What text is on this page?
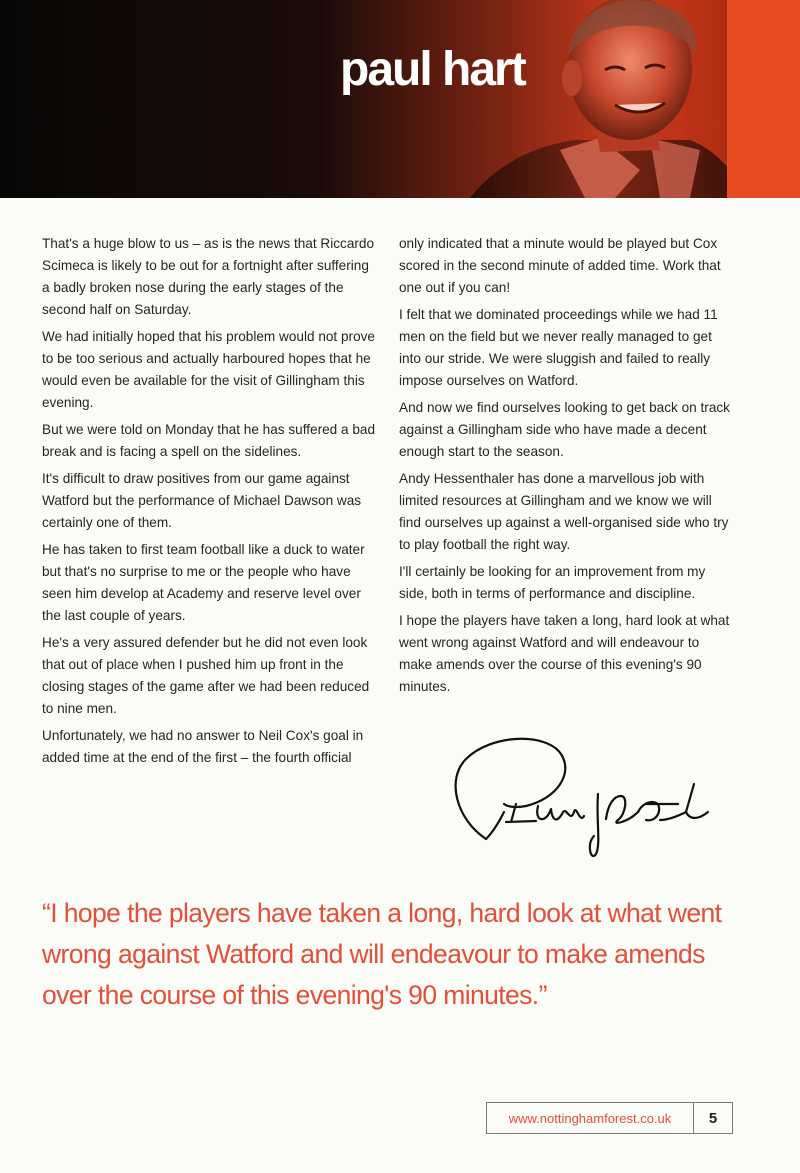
paul hart

That's a huge blow to us – as is the news that Riccardo Scimeca is likely to be out for a fortnight after suffering a badly broken nose during the early stages of the second half on Saturday.

We had initially hoped that his problem would not prove to be too serious and actually harboured hopes that he would even be available for the visit of Gillingham this evening.

But we were told on Monday that he has suffered a bad break and is facing a spell on the sidelines.

It's difficult to draw positives from our game against Watford but the performance of Michael Dawson was certainly one of them.

He has taken to first team football like a duck to water but that's no surprise to me or the people who have seen him develop at Academy and reserve level over the last couple of years.

He's a very assured defender but he did not even look that out of place when I pushed him up front in the closing stages of the game after we had been reduced to nine men.

Unfortunately, we had no answer to Neil Cox's goal in added time at the end of the first – the fourth official

only indicated that a minute would be played but Cox scored in the second minute of added time. Work that one out if you can!

I felt that we dominated proceedings while we had 11 men on the field but we never really managed to get into our stride. We were sluggish and failed to really impose ourselves on Watford.

And now we find ourselves looking to get back on track against a Gillingham side who have made a decent enough start to the season.

Andy Hessenthaler has done a marvellous job with limited resources at Gillingham and we know we will find ourselves up against a well-organised side who try to play football the right way.

I'll certainly be looking for an improvement from my side, both in terms of performance and discipline.

I hope the players have taken a long, hard look at what went wrong against Watford and will endeavour to make amends over the course of this evening's 90 minutes.

“I hope the players have taken a long, hard look at what went wrong against Watford and will endeavour to make amends over the course of this evening's 90 minutes.”

www.nottinghamforest.co.uk	5
